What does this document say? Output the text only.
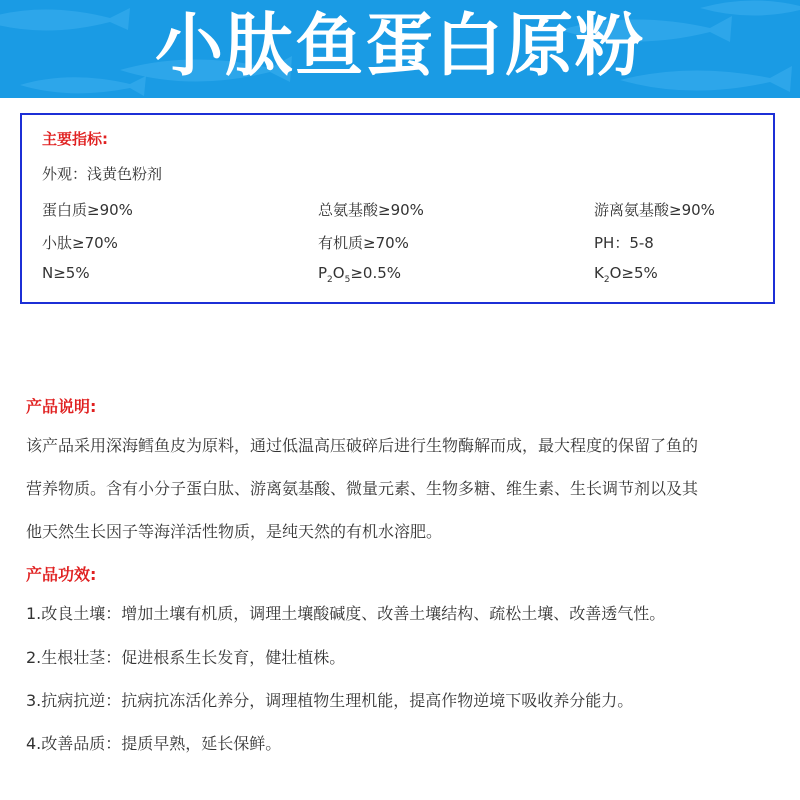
小肽鱼蛋白原粉
主要指标:
外观：浅黄色粉剂
蛋白质≥90%	总氨基酸≥90%	游离氨基酸≥90%
小肽≥70%	有机质≥70%	PH：5-8
N≥5%	$P_2O_5\ge 0.5\%$	$K_2O\ge 5\%$
产品说明:
该产品采用深海鳕鱼皮为原料，通过低温高压破碎后进行生物酶解而成，最大程度的保留了鱼的
营养物质。含有小分子蛋白肽、游离氨基酸、微量元素、生物多糖、维生素、生长调节剂以及其
他天然生长因子等海洋活性物质，是纯天然的有机水溶肥。
产品功效:
1.改良土壤：增加土壤有机质，调理土壤酸碱度、改善土壤结构、疏松土壤、改善透气性。
2.生根壮茎：促进根系生长发育，健壮植株。
3.抗病抗逆：抗病抗冻活化养分，调理植物生理机能，提高作物逆境下吸收养分能力。
4.改善品质：提质早熟，延长保鲜。
